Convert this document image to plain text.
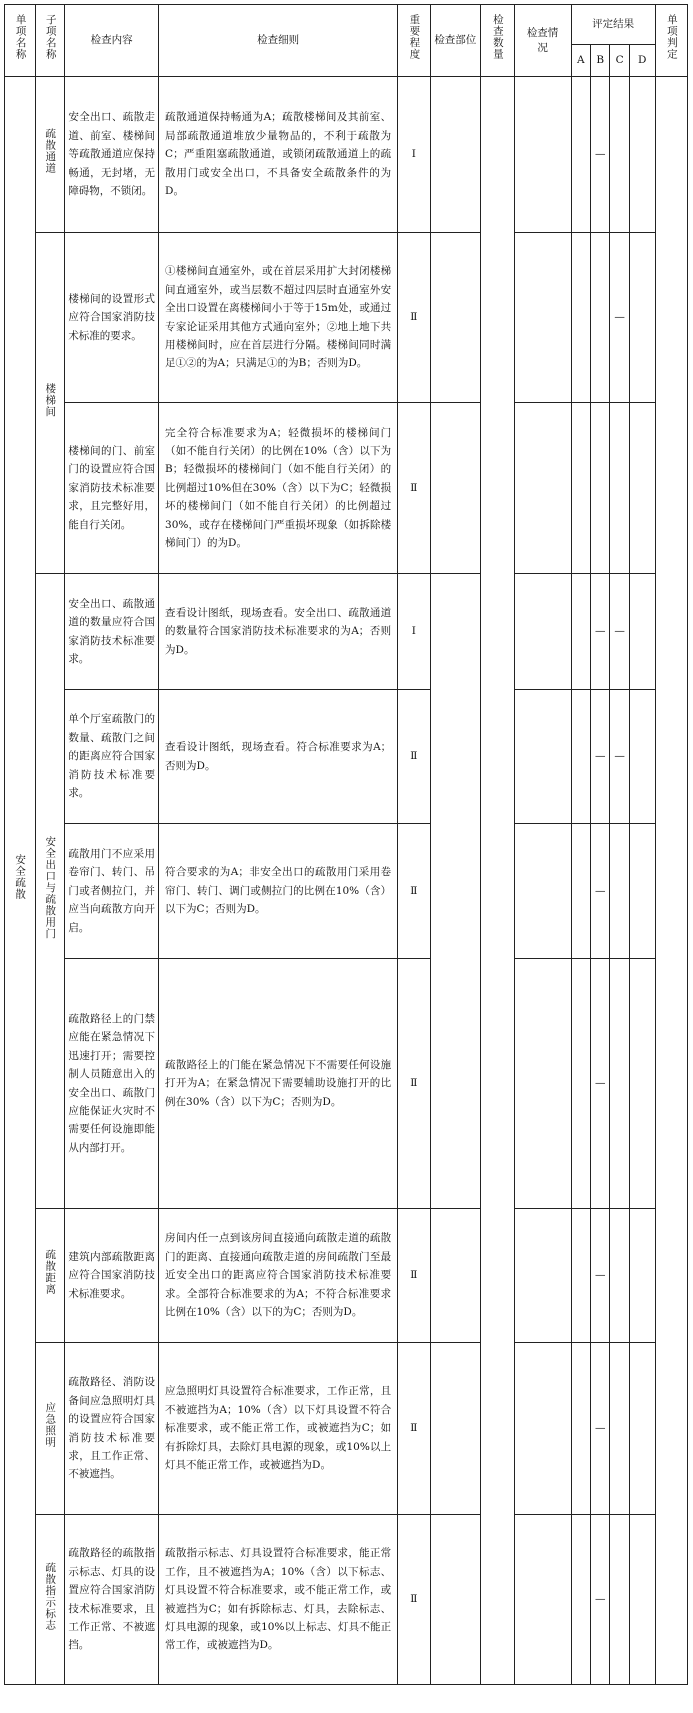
单项名称	子项名称	检查内容	检查细则	重要程度	检查部位	检查数量	检查情况	评定结果				单项判定
								A	B	C	D	
安全疏散	疏散通道	安全出口、疏散走道、前室、楼梯间等疏散通道应保持畅通，无封堵，无障碍物，不锁闭。	疏散通道保持畅通为A；疏散楼梯间及其前室、局部疏散通道堆放少量物品的，不利于疏散为C；严重阻塞疏散通道，或锁闭疏散通道上的疏散用门或安全出口，不具备安全疏散条件的为D。	Ⅰ					—			
	楼梯间	楼梯间的设置形式应符合国家消防技术标准的要求。	①楼梯间直通室外，或在首层采用扩大封闭楼梯间直通室外，或当层数不超过四层时直通室外安全出口设置在离楼梯间小于等于15m处，或通过专家论证采用其他方式通向室外；②地上地下共用楼梯间时，应在首层进行分隔。楼梯间同时满足①②的为A；只满足①的为B；否则为D。	Ⅱ						—		
		楼梯间的门、前室门的设置应符合国家消防技术标准要求，且完整好用，能自行关闭。	完全符合标准要求为A；轻微损坏的楼梯间门（如不能自行关闭）的比例在10%（含）以下为B；轻微损坏的楼梯间门（如不能自行关闭）的比例超过10%但在30%（含）以下为C；轻微损坏的楼梯间门（如不能自行关闭）的比例超过30%，或存在楼梯间门严重损坏现象（如拆除楼梯间门）的为D。	Ⅱ								
	安全出口与疏散用门	安全出口、疏散通道的数量应符合国家消防技术标准要求。	查看设计图纸，现场查看。安全出口、疏散通道的数量符合国家消防技术标准要求的为A；否则为D。	Ⅰ					—	—		
		单个厅室疏散门的数量、疏散门之间的距离应符合国家消防技术标准要求。	查看设计图纸，现场查看。符合标准要求为A；否则为D。	Ⅱ					—	—		
		疏散用门不应采用卷帘门、转门、吊门或者侧拉门，并应当向疏散方向开启。	符合要求的为A；非安全出口的疏散用门采用卷帘门、转门、调门或侧拉门的比例在10%（含）以下为C；否则为D。	Ⅱ					—			
		疏散路径上的门禁应能在紧急情况下迅速打开；需要控制人员随意出入的安全出口、疏散门应能保证火灾时不需要任何设施即能从内部打开。	疏散路径上的门能在紧急情况下不需要任何设施打开为A；在紧急情况下需要辅助设施打开的比例在30%（含）以下为C；否则为D。	Ⅱ					—			
	疏散距离	建筑内部疏散距离应符合国家消防技术标准要求。	房间内任一点到该房间直接通向疏散走道的疏散门的距离、直接通向疏散走道的房间疏散门至最近安全出口的距离应符合国家消防技术标准要求。全部符合标准要求的为A；不符合标准要求比例在10%（含）以下的为C；否则为D。	Ⅱ					—			
	应急照明	疏散路径、消防设备间应急照明灯具的设置应符合国家消防技术标准要求，且工作正常、不被遮挡。	应急照明灯具设置符合标准要求，工作正常，且不被遮挡为A；10%（含）以下灯具设置不符合标准要求，或不能正常工作，或被遮挡为C；如有拆除灯具，去除灯具电源的现象，或10%以上灯具不能正常工作，或被遮挡为D。	Ⅱ					—			
	疏散指示标志	疏散路径的疏散指示标志、灯具的设置应符合国家消防技术标准要求，且工作正常、不被遮挡。	疏散指示标志、灯具设置符合标准要求，能正常工作，且不被遮挡为A；10%（含）以下标志、灯具设置不符合标准要求，或不能正常工作，或被遮挡为C；如有拆除标志、灯具，去除标志、灯具电源的现象，或10%以上标志、灯具不能正常工作，或被遮挡为D。	Ⅱ					—			
